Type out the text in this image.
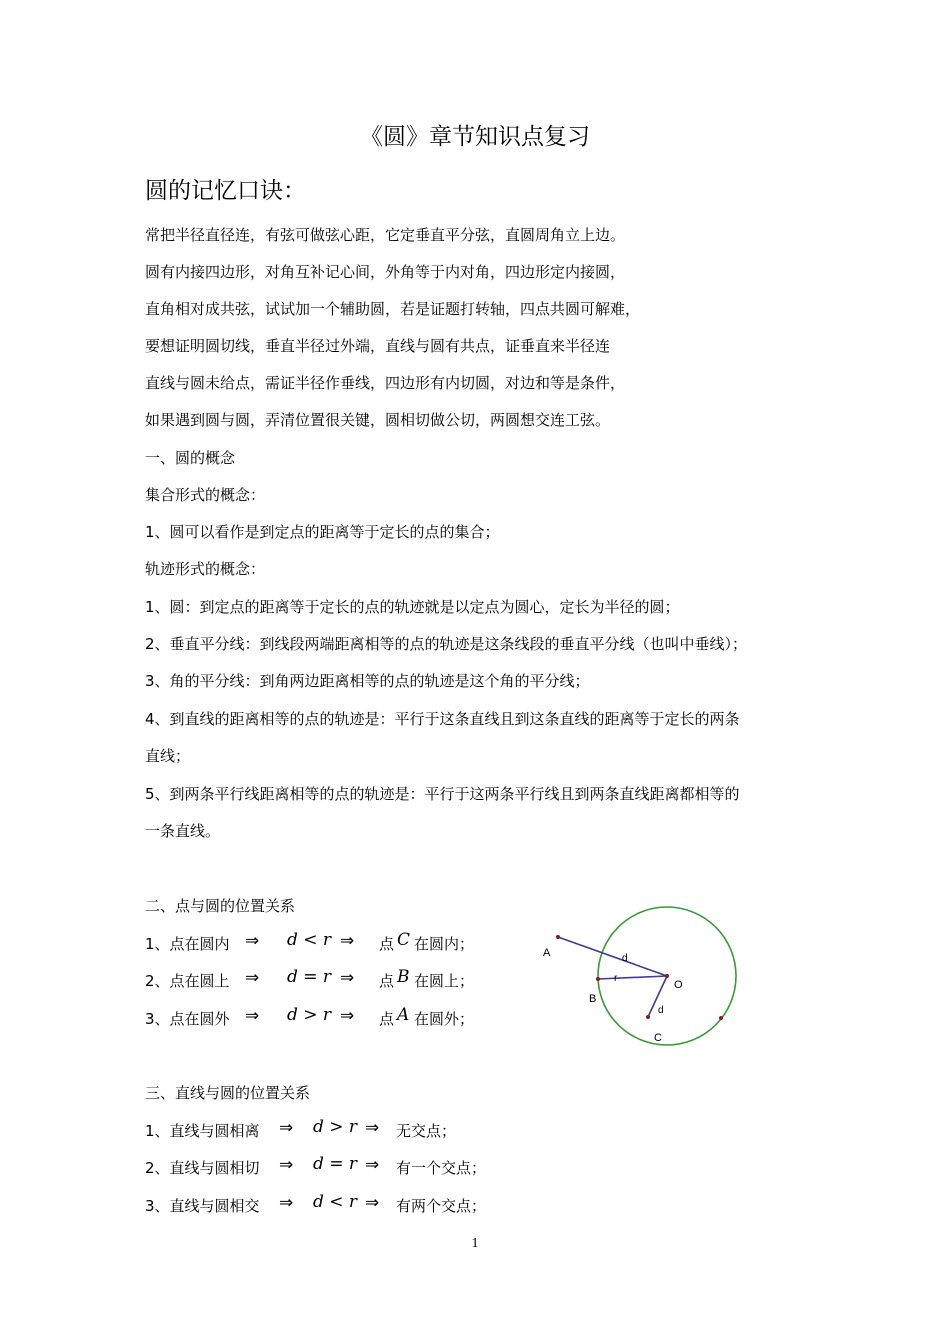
《圆》章节知识点复习
圆的记忆口诀：
常把半径直径连，有弦可做弦心距，它定垂直平分弦，直圆周角立上边。
圆有内接四边形，对角互补记心间，外角等于内对角，四边形定内接圆，
直角相对成共弦，试试加一个辅助圆，若是证题打转轴，四点共圆可解难，
要想证明圆切线，垂直半径过外端，直线与圆有共点，证垂直来半径连
直线与圆未给点，需证半径作垂线，四边形有内切圆，对边和等是条件，
如果遇到圆与圆，弄清位置很关键，圆相切做公切，两圆想交连工弦。
一、圆的概念
集合形式的概念：
1、圆可以看作是到定点的距离等于定长的点的集合；
轨迹形式的概念：
1、圆：到定点的距离等于定长的点的轨迹就是以定点为圆心，定长为半径的圆；
2、垂直平分线：到线段两端距离相等的点的轨迹是这条线段的垂直平分线（也叫中垂线）；
3、角的平分线：到角两边距离相等的点的轨迹是这个角的平分线；
4、到直线的距离相等的点的轨迹是：平行于这条直线且到这条直线的距离等于定长的两条
直线；
5、到两条平行线距离相等的点的轨迹是：平行于这两条平行线且到两条直线距离都相等的
一条直线。
二、点与圆的位置关系
1、点在圆内 ⇒ d < r ⇒ 点 C 在圆内；
2、点在圆上 ⇒ d = r ⇒ 点 B 在圆上；
3、点在圆外 ⇒ d > r ⇒ 点 A 在圆外；
A
B
C
O
d
r
d
三、直线与圆的位置关系
1、直线与圆相离 ⇒ d > r ⇒ 无交点；
2、直线与圆相切 ⇒ d = r ⇒ 有一个交点；
3、直线与圆相交 ⇒ d < r ⇒ 有两个交点；
1
